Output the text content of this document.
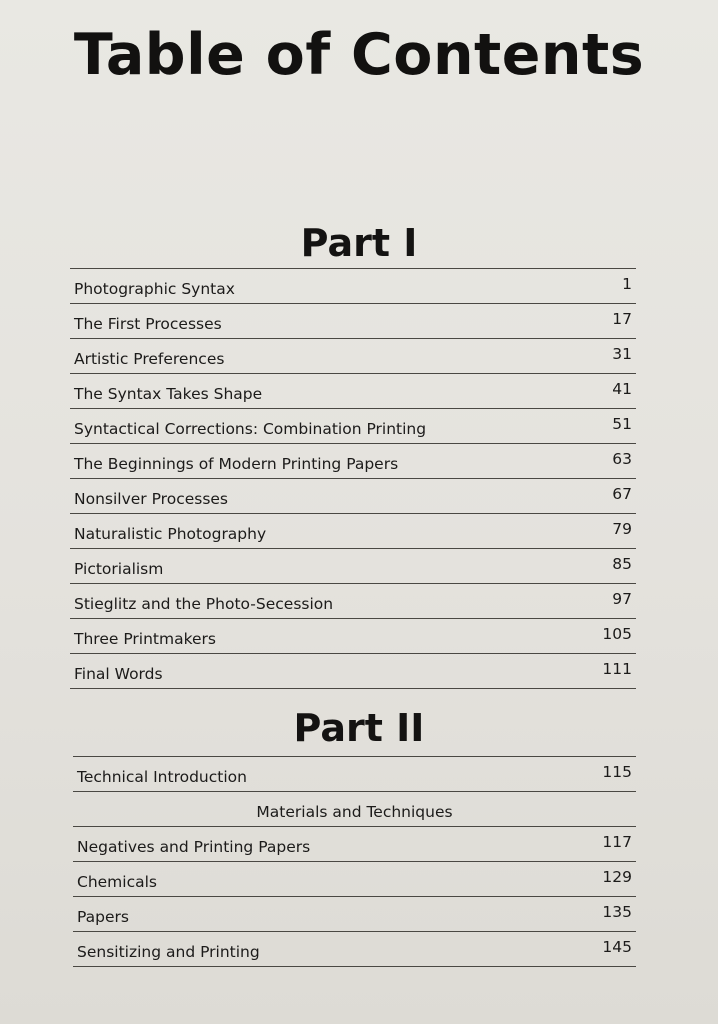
Table of Contents
Part I
Photographic Syntax	1
The First Processes	17
Artistic Preferences	31
The Syntax Takes Shape	41
Syntactical Corrections: Combination Printing	51
The Beginnings of Modern Printing Papers	63
Nonsilver Processes	67
Naturalistic Photography	79
Pictorialism	85
Stieglitz and the Photo-Secession	97
Three Printmakers	105
Final Words	111
Part II
Technical Introduction	115
Materials and Techniques
Negatives and Printing Papers	117
Chemicals	129
Papers	135
Sensitizing and Printing	145
